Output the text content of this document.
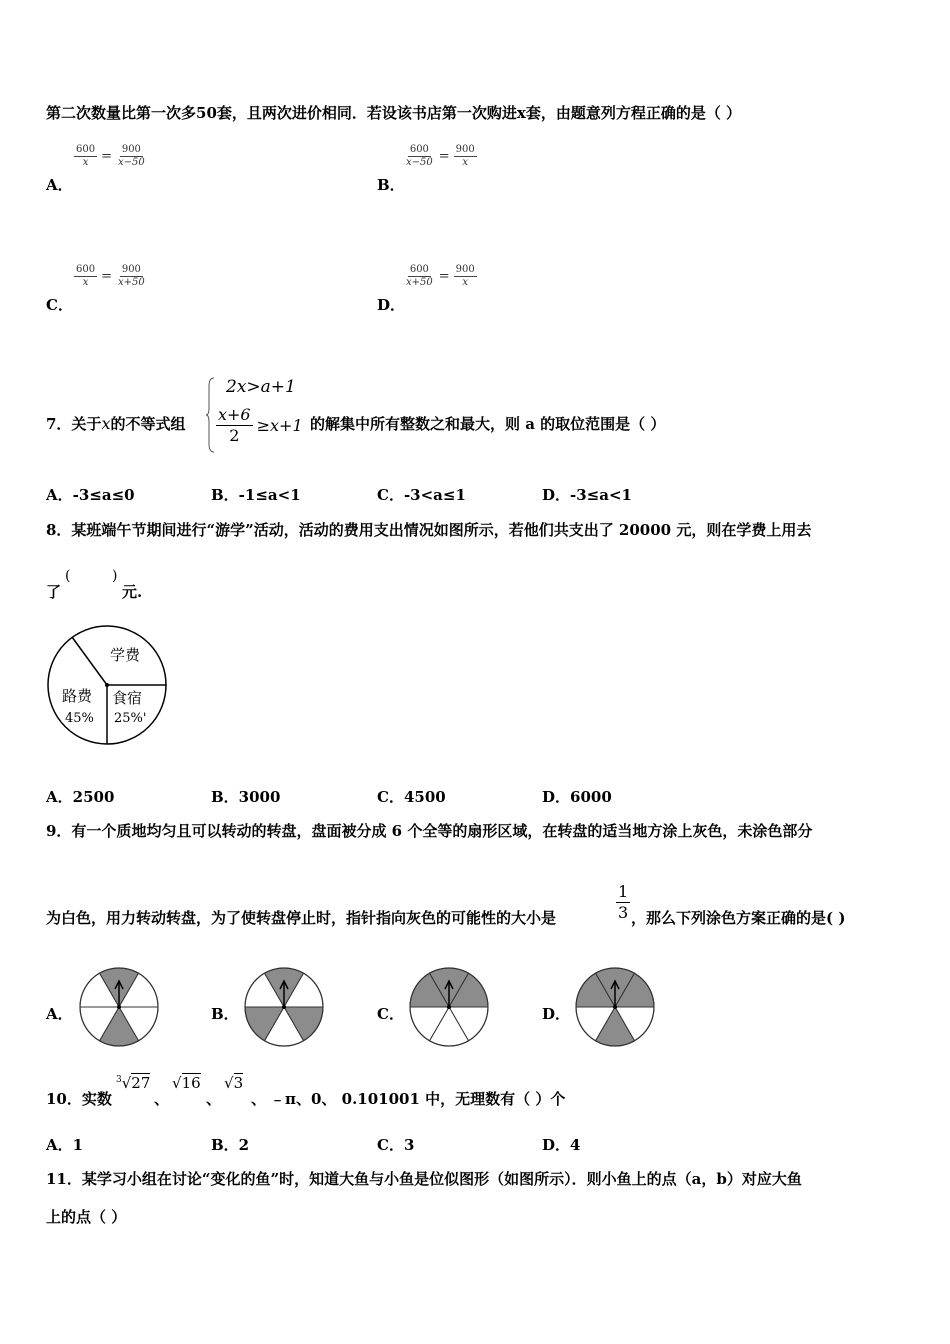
第二次数量比第一次多50套，且两次进价相同．若设该书店第一次购进x套，由题意列方程正确的是（ ）
$\frac{600}{x} = \frac{900}{x-50}$
A．
$\frac{600}{x-50} = \frac{900}{x}$
B．
$\frac{600}{x} = \frac{900}{x+50}$
C．
$\frac{600}{x+50} = \frac{900}{x}$
D．
7．关于x的不等式组
2x>a+1
$\frac{x+6}{2} \ge x+1$ 的解集中所有整数之和最大，则 a 的取位范围是（ ）
A．-3≤a≤0	B．-1≤a<1	C．-3<a≤1	D．-3≤a<1
8．某班端午节期间进行“游学”活动，活动的费用支出情况如图所示，若他们共支出了 20000 元，则在学费上用去
了
(	)
元.
学费
路费
45%
食宿
25%'
A．2500	B．3000	C．4500	D．6000
9．有一个质地均匀且可以转动的转盘，盘面被分成 6 个全等的扇形区域，在转盘的适当地方涂上灰色，未涂色部分
为白色，用力转动转盘，为了使转盘停止时，指针指向灰色的可能性的大小是
1
3 ，那么下列涂色方案正确的是( )
A．	B．	C．	D．
10．实数
$^3$√27
、
√16
、
√3
、 ﹣π、0、 0.101001 中，无理数有（ ）个
A．1	B．2	C．3	D．4
11．某学习小组在讨论“变化的鱼”时，知道大鱼与小鱼是位似图形（如图所示）．则小鱼上的点（a，b）对应大鱼
上的点（ ）
